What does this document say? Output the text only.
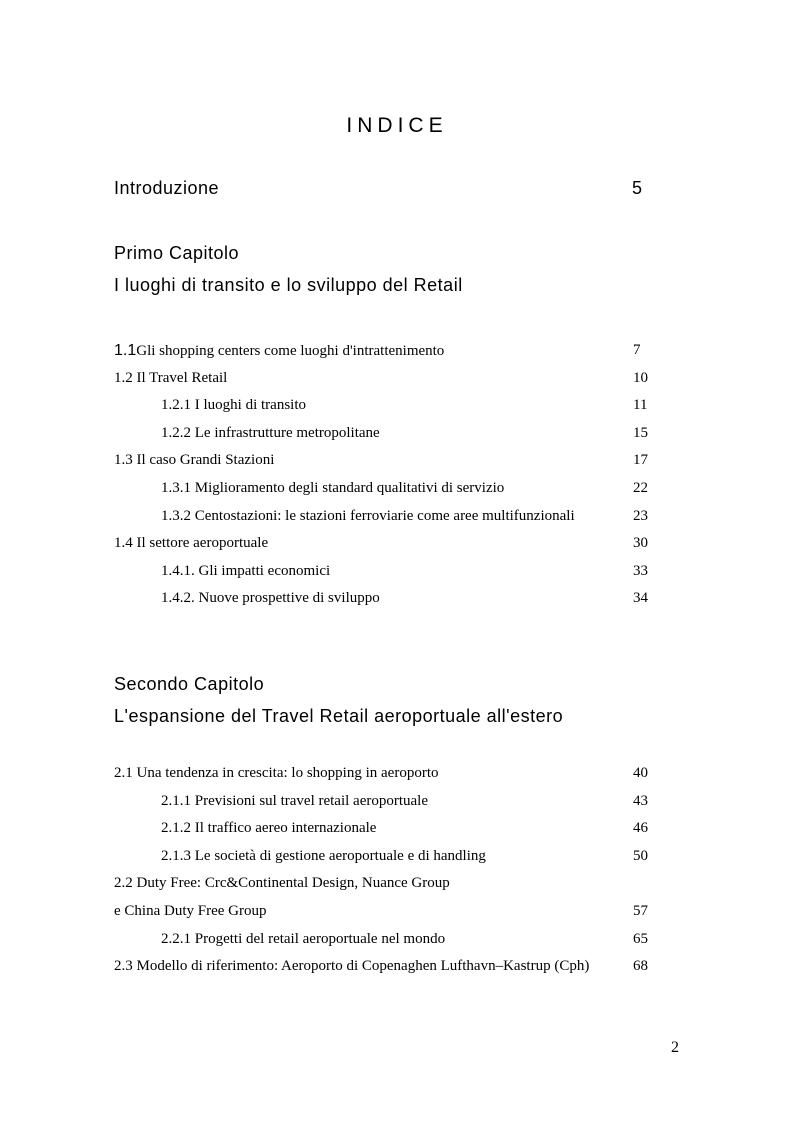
INDICE
Introduzione	5
Primo Capitolo
I luoghi di transito e lo sviluppo del Retail
1.1Gli shopping centers come luoghi d'intrattenimento	7
1.2 Il Travel Retail	10
1.2.1 I luoghi di transito	11
1.2.2 Le infrastrutture metropolitane	15
1.3 Il caso Grandi Stazioni	17
1.3.1 Miglioramento degli standard qualitativi di servizio	22
1.3.2 Centostazioni: le stazioni ferroviarie come aree multifunzionali	23
1.4 Il settore aeroportuale	30
1.4.1. Gli impatti economici	33
1.4.2. Nuove prospettive di sviluppo	34
Secondo Capitolo
L'espansione del Travel Retail aeroportuale all'estero
2.1 Una tendenza in crescita: lo shopping in aeroporto	40
2.1.1 Previsioni sul travel retail aeroportuale	43
2.1.2 Il traffico aereo internazionale	46
2.1.3 Le società di gestione aeroportuale e di handling	50
2.2 Duty Free: Crc&Continental Design, Nuance Group
e China Duty Free Group	57
2.2.1 Progetti del retail aeroportuale nel mondo	65
2.3 Modello di riferimento: Aeroporto di Copenaghen Lufthavn–Kastrup (Cph)	68
2
